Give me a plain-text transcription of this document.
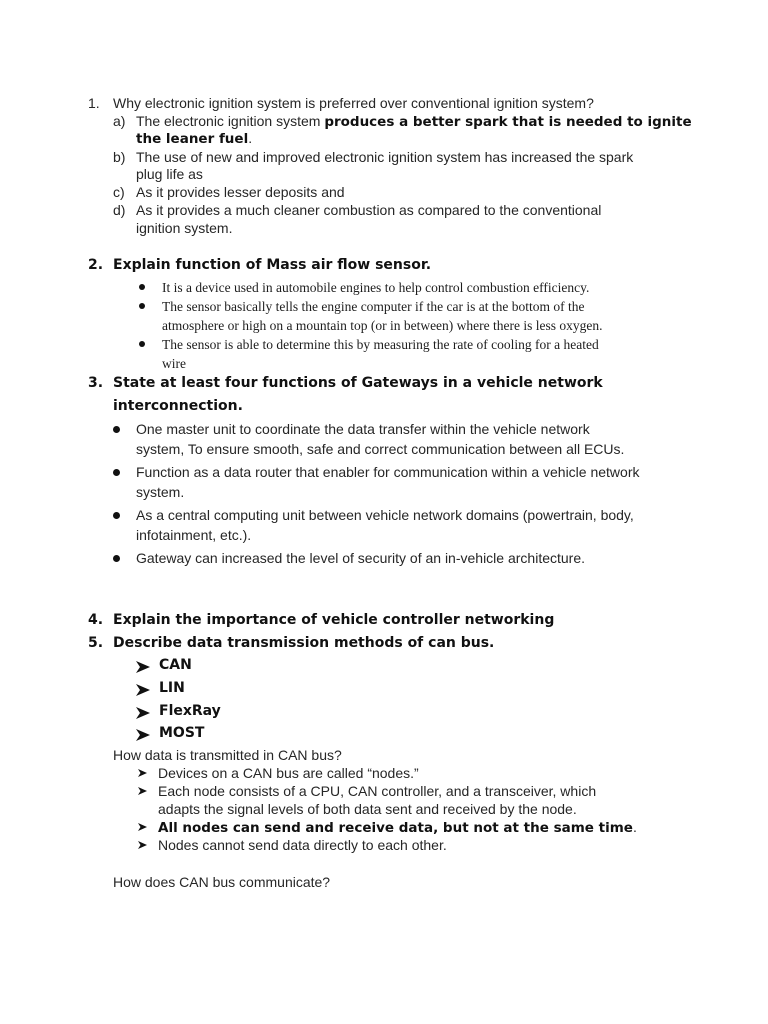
1. Why electronic ignition system is preferred over conventional ignition system?
a) The electronic ignition system produces a better spark that is needed to ignite
the leaner fuel.
b) The use of new and improved electronic ignition system has increased the spark
plug life as
c) As it provides lesser deposits and
d) As it provides a much cleaner combustion as compared to the conventional
ignition system.
2. Explain function of Mass air flow sensor.
It is a device used in automobile engines to help control combustion efficiency.
The sensor basically tells the engine computer if the car is at the bottom of the
atmosphere or high on a mountain top (or in between) where there is less oxygen.
The sensor is able to determine this by measuring the rate of cooling for a heated
wire
3. State at least four functions of Gateways in a vehicle network
interconnection.
One master unit to coordinate the data transfer within the vehicle network
system, To ensure smooth, safe and correct communication between all ECUs.
Function as a data router that enabler for communication within a vehicle network
system.
As a central computing unit between vehicle network domains (powertrain, body,
infotainment, etc.).
Gateway can increased the level of security of an in-vehicle architecture.
4. Explain the importance of vehicle controller networking
5. Describe data transmission methods of can bus.
CAN
LIN
FlexRay
MOST
How data is transmitted in CAN bus?
Devices on a CAN bus are called “nodes.”
Each node consists of a CPU, CAN controller, and a transceiver, which
adapts the signal levels of both data sent and received by the node.
All nodes can send and receive data, but not at the same time.
Nodes cannot send data directly to each other.
How does CAN bus communicate?
